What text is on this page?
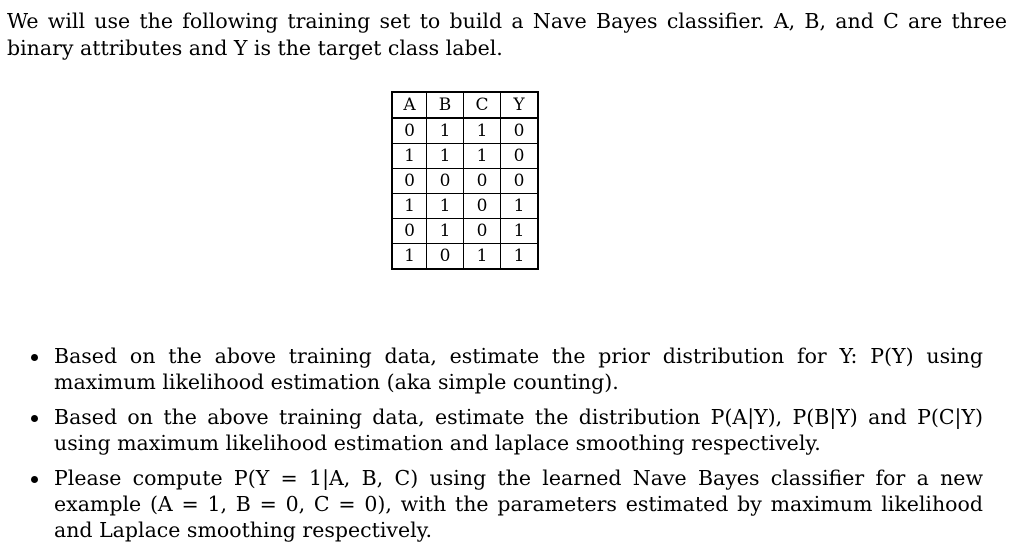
We will use the following training set to build a Nave Bayes classifier. A, B, and C are three binary attributes and Y is the target class label.

A	B	C	Y
0	1	1	0
1	1	1	0
0	0	0	0
1	1	0	1
0	1	0	1
1	0	1	1
Based on the above training data, estimate the prior distribution for Y: P(Y) using maximum likelihood estimation (aka simple counting).
Based on the above training data, estimate the distribution P(A|Y), P(B|Y) and P(C|Y) using maximum likelihood estimation and laplace smoothing respectively.
Please compute P(Y = 1|A, B, C) using the learned Nave Bayes classifier for a new example (A = 1, B = 0, C = 0), with the parameters estimated by maximum likelihood and Laplace smoothing respectively.
